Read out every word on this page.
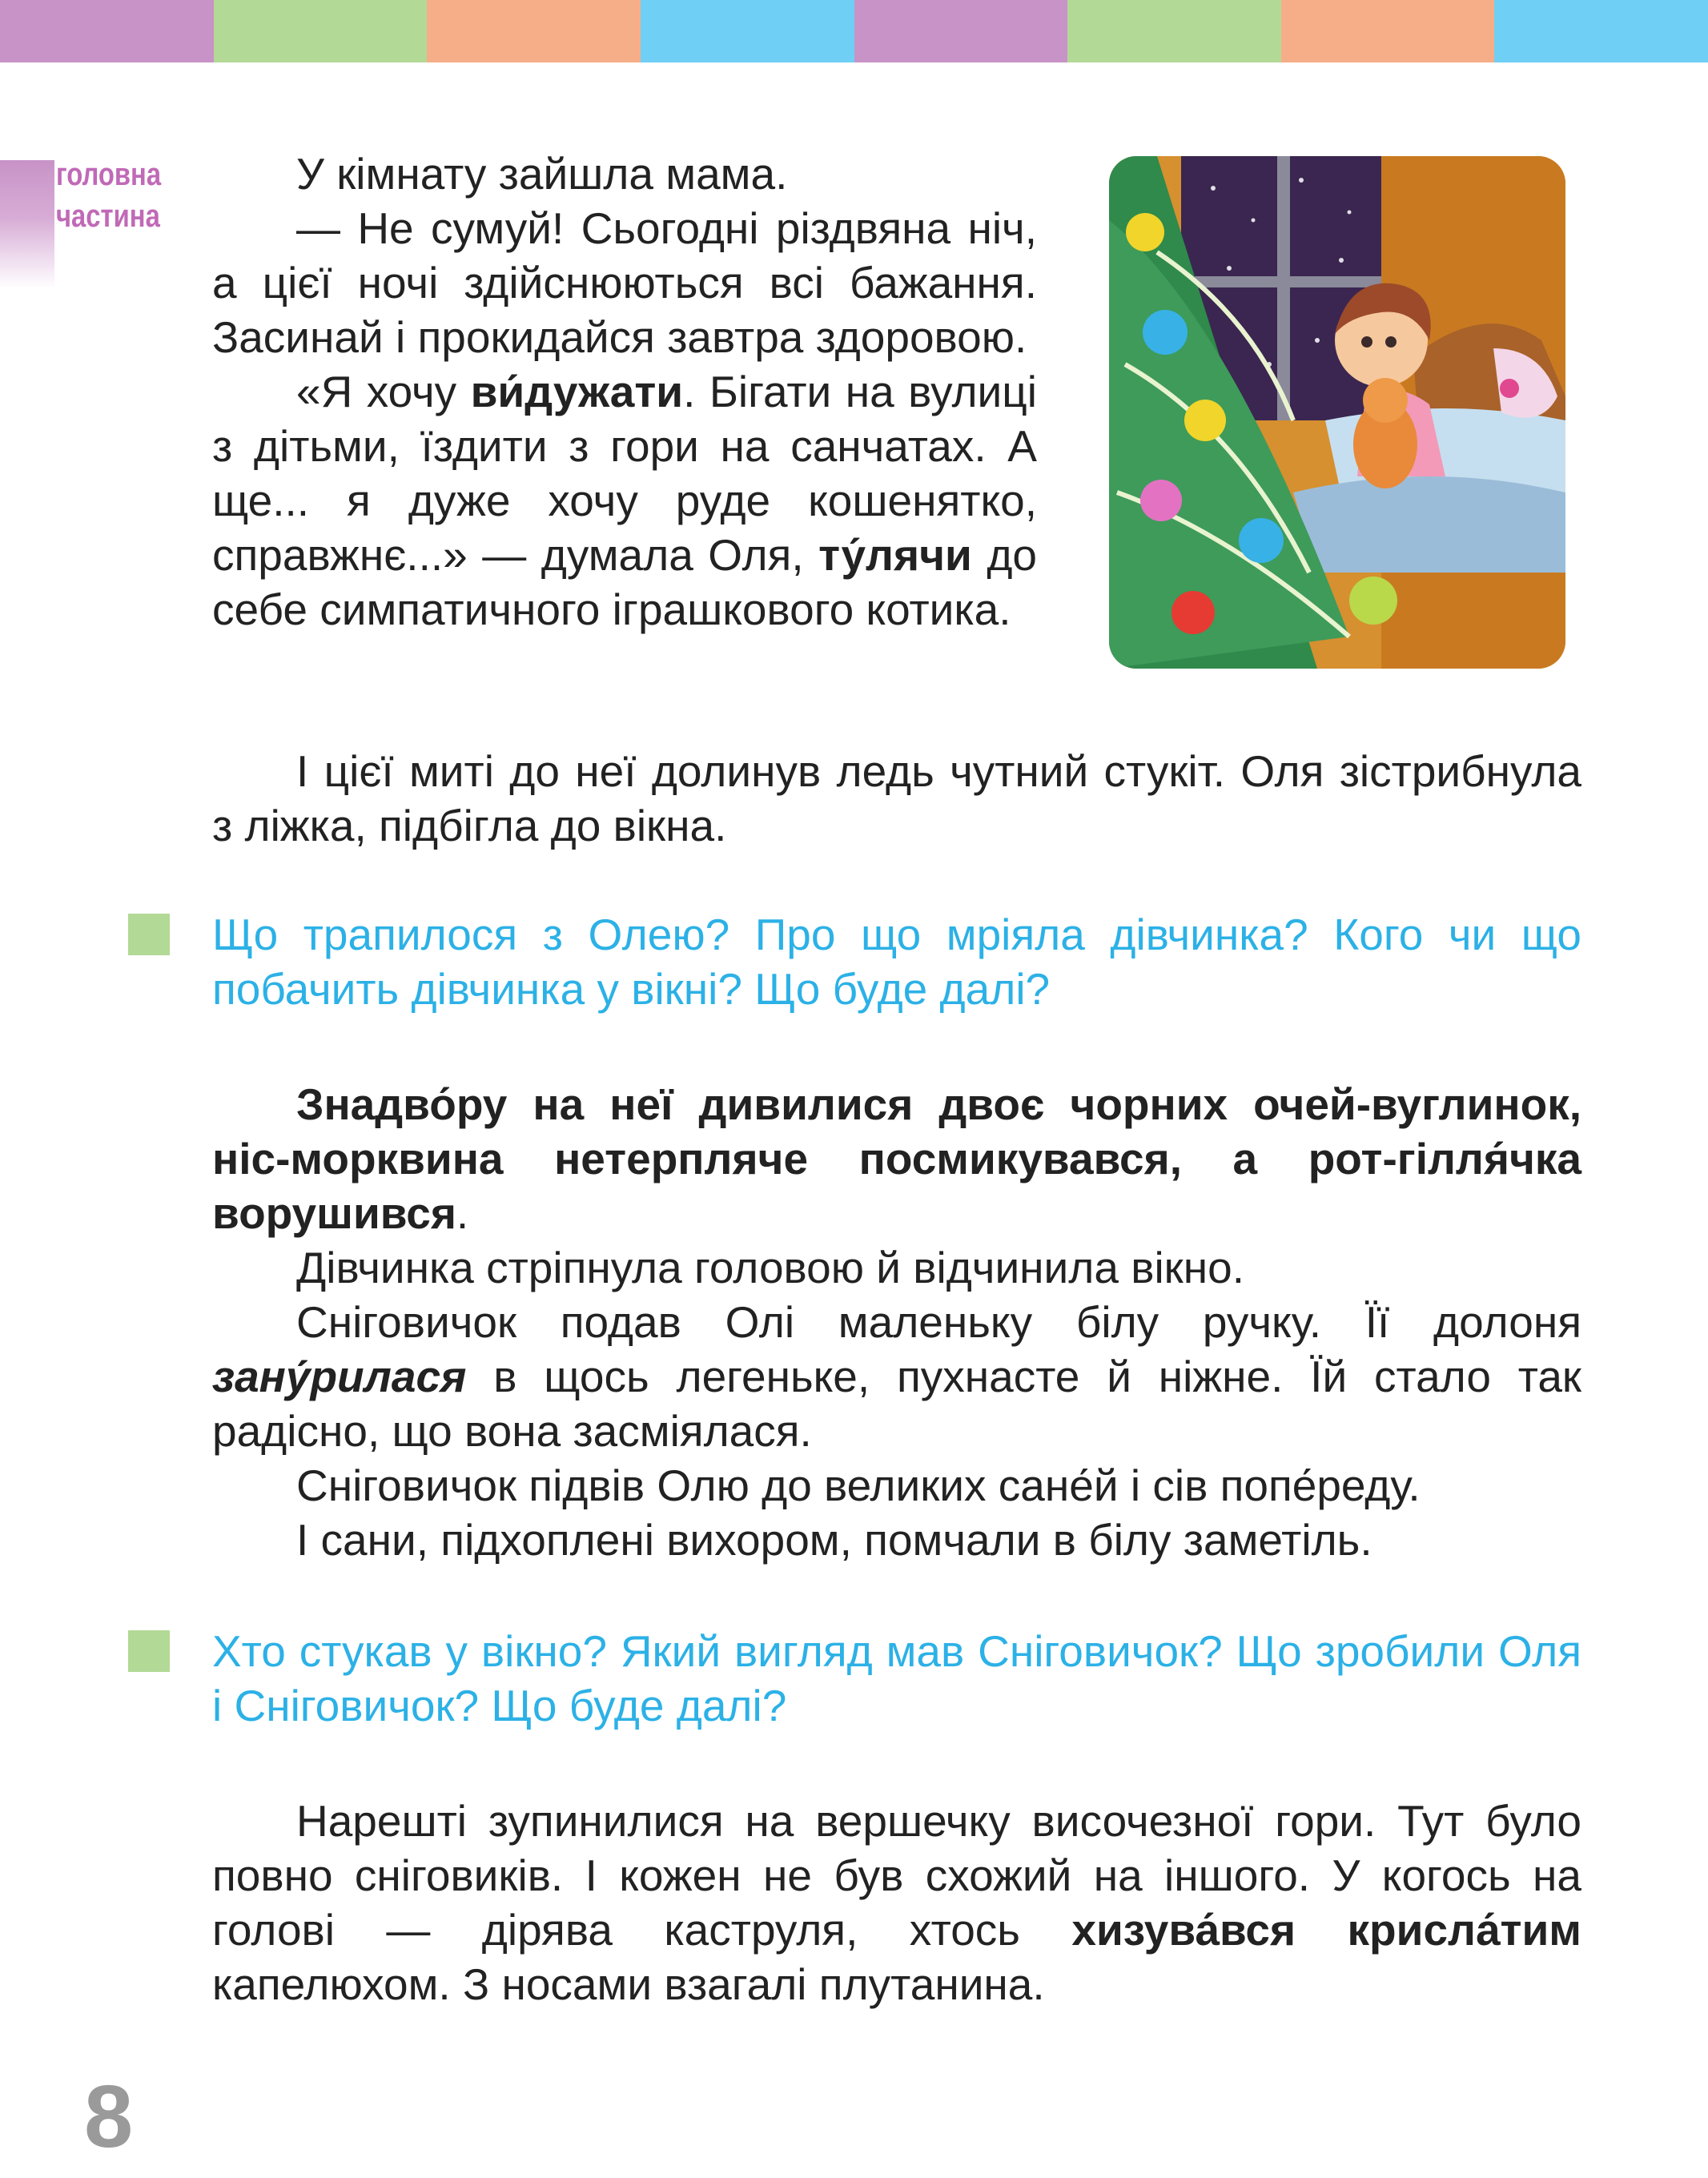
головна
частина

У кімнату зайшла мама.

— Не сумуй! Сьогодні різдвяна ніч, а цієї ночі здійснюються всі бажання. Засинай і прокидайся завтра здоровою.

«Я хочу ви́дужати. Бігати на вулиці з дітьми, їздити з гори на санчатах. А ще... я дуже хочу руде кошенятко, справжнє...» — думала Оля, ту́лячи до себе симпатичного іграшкового котика.

І цієї миті до неї долинув ледь чутний стукіт. Оля зістрибнула з ліжка, підбігла до вікна.

Що трапилося з Олею? Про що мріяла дівчинка? Кого чи що побачить дівчинка у вікні? Що буде далі?

Знадво́ру на неї дивилися двоє чорних очей-вуглинок, ніс-морквина нетерпляче посмикувався, а рот-гілля́чка ворушився.

Дівчинка стріпнула головою й відчинила вікно.

Сніговичок подав Олі маленьку білу ручку. Її долоня зану́рилася в щось легеньке, пухнасте й ніжне. Їй стало так радісно, що вона засміялася.

Сніговичок підвів Олю до великих сане́й і сів попе́реду.

І сани, підхоплені вихором, помчали в білу заметіль.

Хто стукав у вікно? Який вигляд мав Сніговичок? Що зробили Оля і Сніговичок? Що буде далі?

Нарешті зупинилися на вершечку височезної гори. Тут було повно сніговиків. І кожен не був схожий на іншого. У когось на голові — дірява каструля, хтось хизува́вся крисла́тим капелюхом. З носами взагалі плутанина.

8
